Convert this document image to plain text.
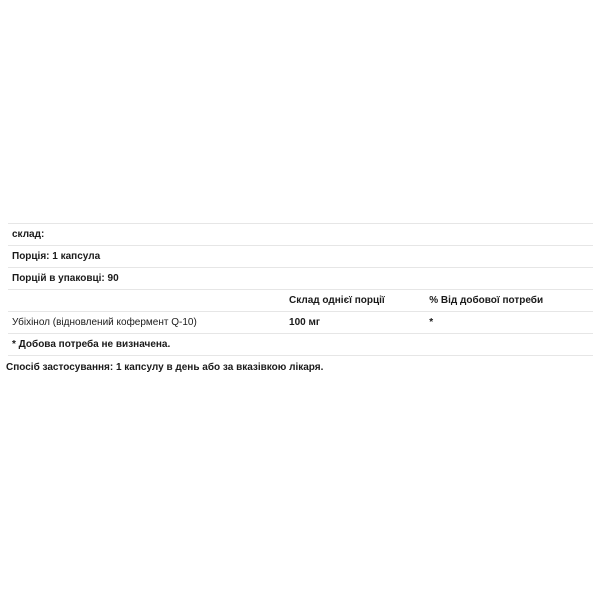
склад:		
Порція: 1 капсула		
Порцій в упаковці: 90		
	Склад однієї порції	% Від добової потреби
Убіхінол (відновлений кофермент Q-10)	100 мг	*
* Добова потреба не визначена.		
Спосіб застосування: 1 капсулу в день або за вказівкою лікаря.
